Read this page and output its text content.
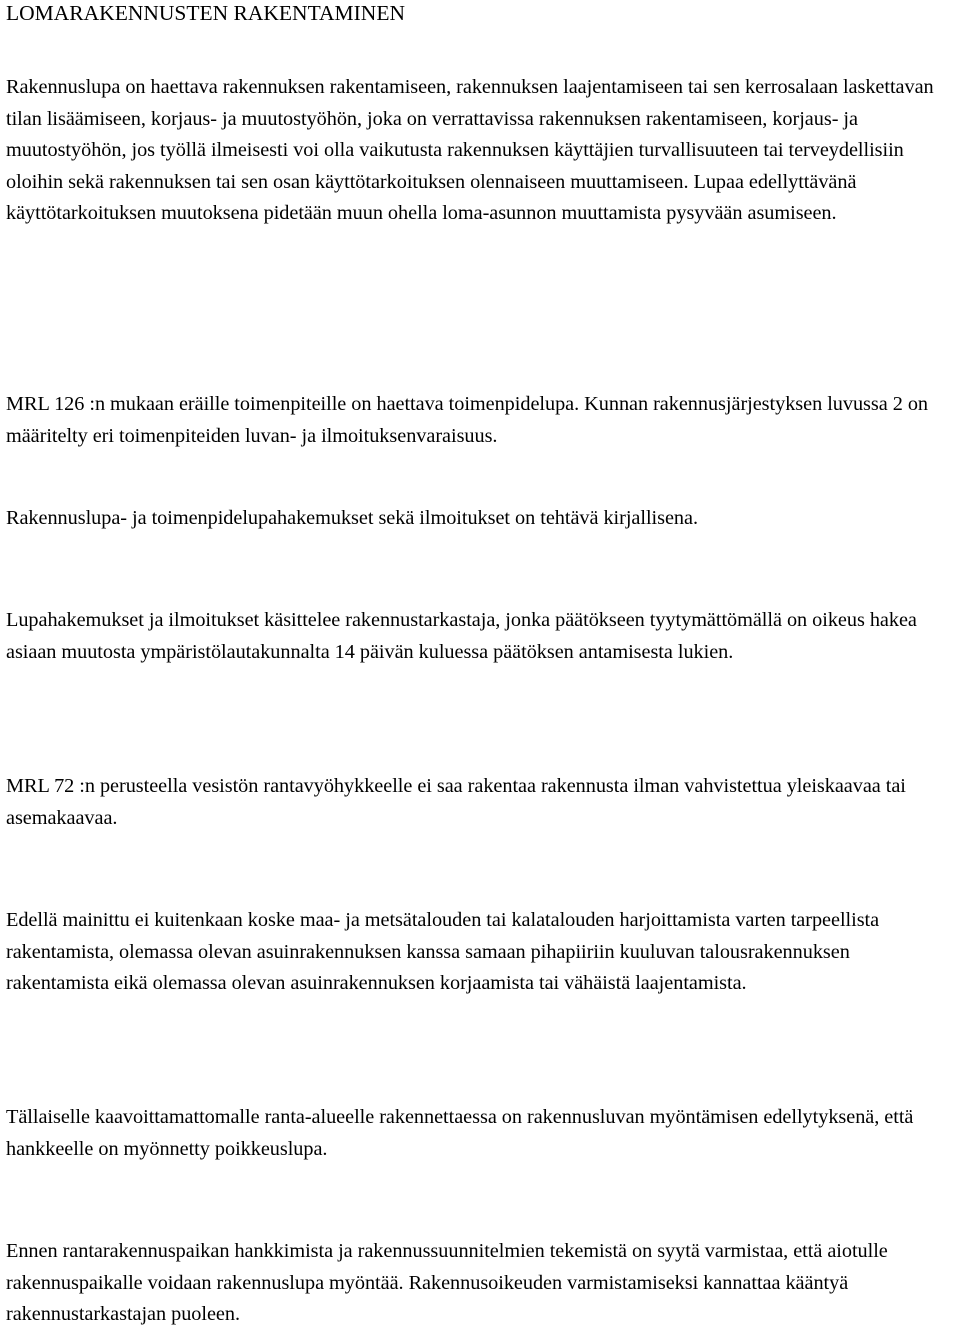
LOMARAKENNUSTEN RAKENTAMINEN

Rakennuslupa on haettava rakennuksen rakentamiseen, rakennuksen laajentamiseen tai sen kerrosalaan laskettavan tilan lisäämiseen, korjaus- ja muutostyöhön, joka on verrattavissa rakennuksen rakentamiseen, korjaus- ja muutostyöhön, jos työllä ilmeisesti voi olla vaikutusta rakennuksen käyttäjien turvallisuuteen tai terveydellisiin oloihin sekä rakennuksen tai sen osan käyttötarkoituksen olennaiseen muuttamiseen. Lupaa edellyttävänä käyttötarkoituksen muutoksena pidetään muun ohella loma-asunnon muuttamista pysyvään asumiseen.

MRL 126 :n mukaan eräille toimenpiteille on haettava toimenpidelupa. Kunnan rakennusjärjestyksen luvussa 2 on määritelty eri toimenpiteiden luvan- ja ilmoituksenvaraisuus.

Rakennuslupa- ja toimenpidelupahakemukset sekä ilmoitukset on tehtävä kirjallisena.

Lupahakemukset ja ilmoitukset käsittelee rakennustarkastaja, jonka päätökseen tyytymättömällä on oikeus hakea asiaan muutosta ympäristölautakunnalta 14 päivän kuluessa päätöksen antamisesta lukien.

MRL 72 :n perusteella vesistön rantavyöhykkeelle ei saa rakentaa rakennusta ilman vahvistettua yleiskaavaa tai asemakaavaa.

Edellä mainittu ei kuitenkaan koske maa- ja metsätalouden tai kalatalouden harjoittamista varten tarpeellista rakentamista, olemassa olevan asuinrakennuksen kanssa samaan pihapiiriin kuuluvan talousrakennuksen rakentamista eikä olemassa olevan asuinrakennuksen korjaamista tai vähäistä laajentamista.

Tällaiselle kaavoittamattomalle ranta-alueelle rakennettaessa on rakennusluvan myöntämisen edellytyksenä, että hankkeelle on myönnetty poikkeuslupa.

Ennen rantarakennuspaikan hankkimista ja rakennussuunnitelmien tekemistä on syytä varmistaa, että aiotulle rakennuspaikalle voidaan rakennuslupa myöntää. Rakennusoikeuden varmistamiseksi kannattaa kääntyä rakennustarkastajan puoleen.
